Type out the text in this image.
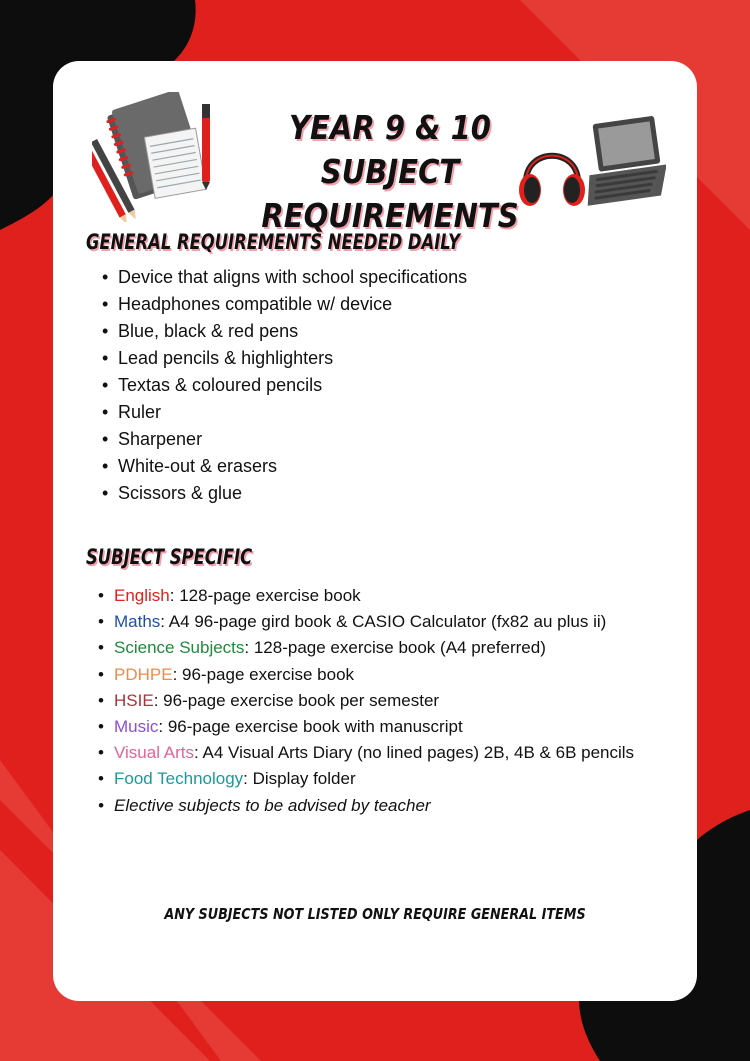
YEAR 9 & 10 SUBJECT
REQUIREMENTS
GENERAL REQUIREMENTS NEEDED DAILY
• Device that aligns with school specifications
• Headphones compatible w/ device
• Blue, black & red pens
• Lead pencils & highlighters
• Textas & coloured pencils
• Ruler
• Sharpener
• White-out & erasers
• Scissors & glue
SUBJECT SPECIFIC
• English: 128-page exercise book
• Maths: A4 96-page gird book & CASIO Calculator (fx82 au plus ii)
• Science Subjects: 128-page exercise book (A4 preferred)
• PDHPE: 96-page exercise book
• HSIE: 96-page exercise book per semester
• Music: 96-page exercise book with manuscript
• Visual Arts: A4 Visual Arts Diary (no lined pages) 2B, 4B & 6B pencils
• Food Technology: Display folder
• Elective subjects to be advised by teacher
ANY SUBJECTS NOT LISTED ONLY REQUIRE GENERAL ITEMS
